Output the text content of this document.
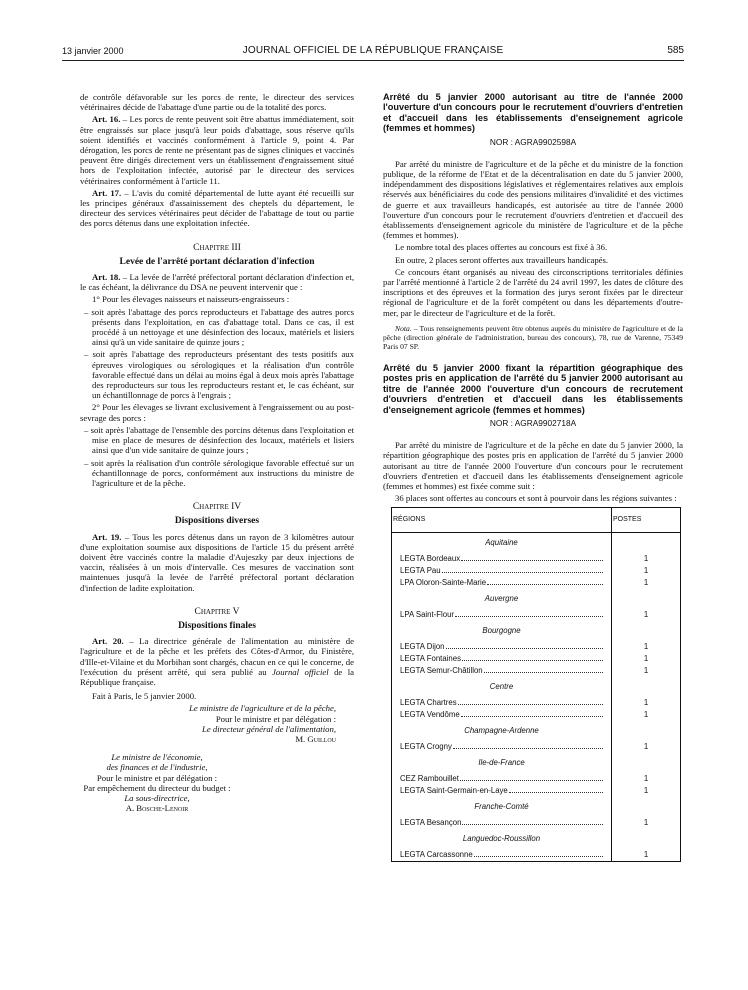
13 janvier 2000	JOURNAL OFFICIEL DE LA RÉPUBLIQUE FRANÇAISE	585

de contrôle défavorable sur les porcs de rente, le directeur des services vétérinaires décide de l'abattage d'une partie ou de la totalité des porcs.

Art. 16. – Les porcs de rente peuvent soit être abattus immédiatement, soit être engraissés sur place jusqu'à leur poids d'abattage, sous réserve qu'ils soient identifiés et vaccinés conformément à l'article 9, point 4. Par dérogation, les porcs de rente ne présentant pas de signes cliniques et vaccinés peuvent être dirigés directement vers un établissement d'engraissement situé hors de l'exploitation infectée, autorisé par le directeur des services vétérinaires conformément à l'article 11.

Art. 17. – L'avis du comité départemental de lutte ayant été recueilli sur les principes généraux d'assainissement des cheptels du département, le directeur des services vétérinaires peut décider de l'abattage de tout ou partie des porcs détenus dans une exploitation infectée.

Chapitre III
Levée de l'arrêté portant déclaration d'infection

Art. 18. – La levée de l'arrêté préfectoral portant déclaration d'infection et, le cas échéant, la délivrance du DSA ne peuvent intervenir que :

1° Pour les élevages naisseurs et naisseurs-engraisseurs :

– soit après l'abattage des porcs reproducteurs et l'abattage des autres porcs présents dans l'exploitation, en cas d'abattage total. Dans ce cas, il est procédé à un nettoyage et une désinfection des locaux, matériels et lisiers ainsi qu'à un vide sanitaire de quinze jours ;

– soit après l'abattage des reproducteurs présentant des tests positifs aux épreuves virologiques ou sérologiques et la réalisation d'un contrôle favorable effectué dans un délai au moins égal à deux mois après l'abattage des reproducteurs sur tous les reproducteurs restant et, le cas échéant, sur un échantillonnage de porcs à l'engrais ;

2° Pour les élevages se livrant exclusivement à l'engraissement ou au post-sevrage des porcs :

– soit après l'abattage de l'ensemble des porcins détenus dans l'exploitation et mise en place de mesures de désinfection des locaux, matériels et lisiers ainsi que d'un vide sanitaire de quinze jours ;

– soit après la réalisation d'un contrôle sérologique favorable effectué sur un échantillonnage de porcs, conformément aux instructions du ministre de l'agriculture et de la pêche.

Chapitre IV
Dispositions diverses

Art. 19. – Tous les porcs détenus dans un rayon de 3 kilomètres autour d'une exploitation soumise aux dispositions de l'article 15 du présent arrêté doivent être vaccinés contre la maladie d'Aujeszky par deux injections de vaccin, réalisées à un mois d'intervalle. Ces mesures de vaccination sont maintenues jusqu'à la levée de l'arrêté préfectoral portant déclaration d'infection de ladite exploitation.

Chapitre V
Dispositions finales

Art. 20. – La directrice générale de l'alimentation au ministère de l'agriculture et de la pêche et les préfets des Côtes-d'Armor, du Finistère, d'Ille-et-Vilaine et du Morbihan sont chargés, chacun en ce qui le concerne, de l'exécution du présent arrêté, qui sera publié au Journal officiel de la République française.

Fait à Paris, le 5 janvier 2000.

Le ministre de l'agriculture et de la pêche,
Pour le ministre et par délégation :
Le directeur général de l'alimentation,
M. Guillou
Le ministre de l'économie,
des finances et de l'industrie,
Pour le ministre et par délégation :
Par empêchement du directeur du budget :
La sous-directrice,
A. Bosche-Lenoir
Arrêté du 5 janvier 2000 autorisant au titre de l'année 2000 l'ouverture d'un concours pour le recrutement d'ouvriers d'entretien et d'accueil dans les établissements d'enseignement agricole (femmes et hommes)
NOR : AGRA9902598A

Par arrêté du ministre de l'agriculture et de la pêche et du ministre de la fonction publique, de la réforme de l'Etat et de la décentralisation en date du 5 janvier 2000, indépendamment des dispositions législatives et réglementaires relatives aux emplois réservés aux bénéficiaires du code des pensions militaires d'invalidité et des victimes de guerre et aux travailleurs handicapés, est autorisée au titre de l'année 2000 l'ouverture d'un concours pour le recrutement d'ouvriers d'entretien et d'accueil des établissements d'enseignement agricole du ministère de l'agriculture et de la pêche (femmes et hommes).

Le nombre total des places offertes au concours est fixé à 36.

En outre, 2 places seront offertes aux travailleurs handicapés.

Ce concours étant organisés au niveau des circonscriptions territoriales définies par l'arrêté mentionné à l'article 2 de l'arrêté du 24 avril 1997, les dates de clôture des inscriptions et des épreuves et la formation des jurys seront fixées par le directeur régional de l'agriculture et de la forêt compétent ou dans les départements d'outre-mer, par le directeur de l'agriculture et de la forêt.

Nota. – Tous renseignements peuvent être obtenus auprès du ministère de l'agriculture et de la pêche (direction générale de l'administration, bureau des concours), 78, rue de Varenne, 75349 Paris 07 SP.

Arrêté du 5 janvier 2000 fixant la répartition géographique des postes pris en application de l'arrêté du 5 janvier 2000 autorisant au titre de l'année 2000 l'ouverture d'un concours de recrutement d'ouvriers d'entretien et d'accueil dans les établissements d'enseignement agricole (femmes et hommes)
NOR : AGRA9902718A

Par arrêté du ministre de l'agriculture et de la pêche en date du 5 janvier 2000, la répartition géographique des postes pris en application de l'arrêté du 5 janvier 2000 autorisant au titre de l'année 2000 l'ouverture d'un concours pour le recrutement d'ouvriers d'entretien et d'accueil dans les établissements d'enseignement agricole (femmes et hommes) est fixée comme suit :

36 places sont offertes au concours et sont à pourvoir dans les régions suivantes :

RÉGIONS	POSTES
Aquitaine	

LEGTA Bordeaux	1

LEGTA Pau	1

LPA Oloron-Sainte-Marie	1
Auvergne	

LPA Saint-Flour	1
Bourgogne	

LEGTA Dijon	1

LEGTA Fontaines	1

LEGTA Semur-Châtillon	1
Centre	

LEGTA Chartres	1

LEGTA Vendôme	1
Champagne-Ardenne	

LEGTA Crogny	1
Ile-de-France	

CEZ Rambouillet	1

LEGTA Saint-Germain-en-Laye	1
Franche-Comté	

LEGTA Besançon	1
Languedoc-Roussillon	

LEGTA Carcassonne	1
